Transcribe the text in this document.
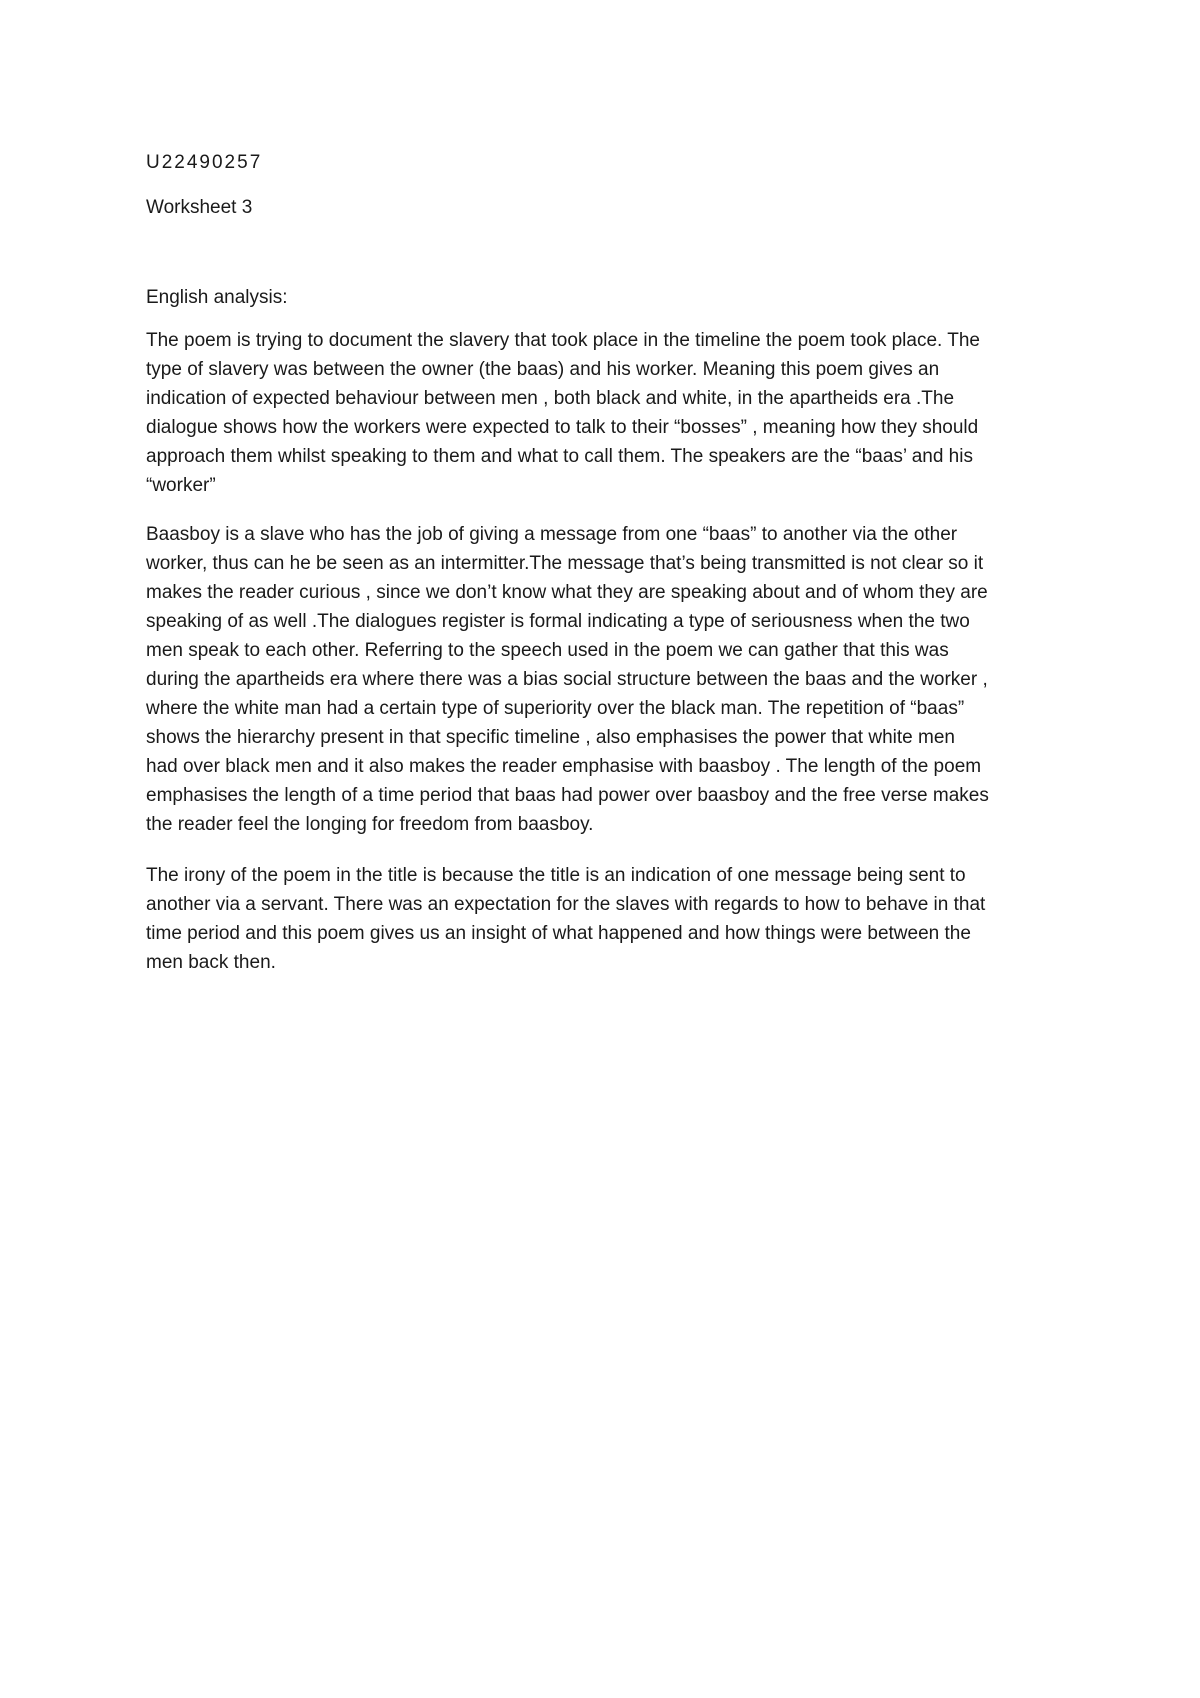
U22490257

Worksheet 3

English analysis:

The poem is trying to document the slavery that took place in the timeline the poem took place. The

type of slavery was between the owner (the baas) and his worker. Meaning this poem gives an

indication of expected behaviour between men , both black and white, in the apartheids era .The

dialogue shows how the workers were expected to talk to their “bosses” , meaning how they should

approach them whilst speaking to them and what to call them. The speakers are the “baas’ and his

“worker”

Baasboy is a slave who has the job of giving a message from one “baas” to another via the other

worker, thus can he be seen as an intermitter.The message that’s being transmitted is not clear so it

makes the reader curious , since we don’t know what they are speaking about and of whom they are

speaking of as well .The dialogues register is formal indicating a type of seriousness when the two

men speak to each other. Referring to the speech used in the poem we can gather that this was

during the apartheids era where there was a bias social structure between the baas and the worker ,

where the white man had a certain type of superiority over the black man. The repetition of “baas”

shows the hierarchy present in that specific timeline , also emphasises the power that white men

had over black men and it also makes the reader emphasise with baasboy . The length of the poem

emphasises the length of a time period that baas had power over baasboy and the free verse makes

the reader feel the longing for freedom from baasboy.

The irony of the poem in the title is because the title is an indication of one message being sent to

another via a servant. There was an expectation for the slaves with regards to how to behave in that

time period and this poem gives us an insight of what happened and how things were between the

men back then.
